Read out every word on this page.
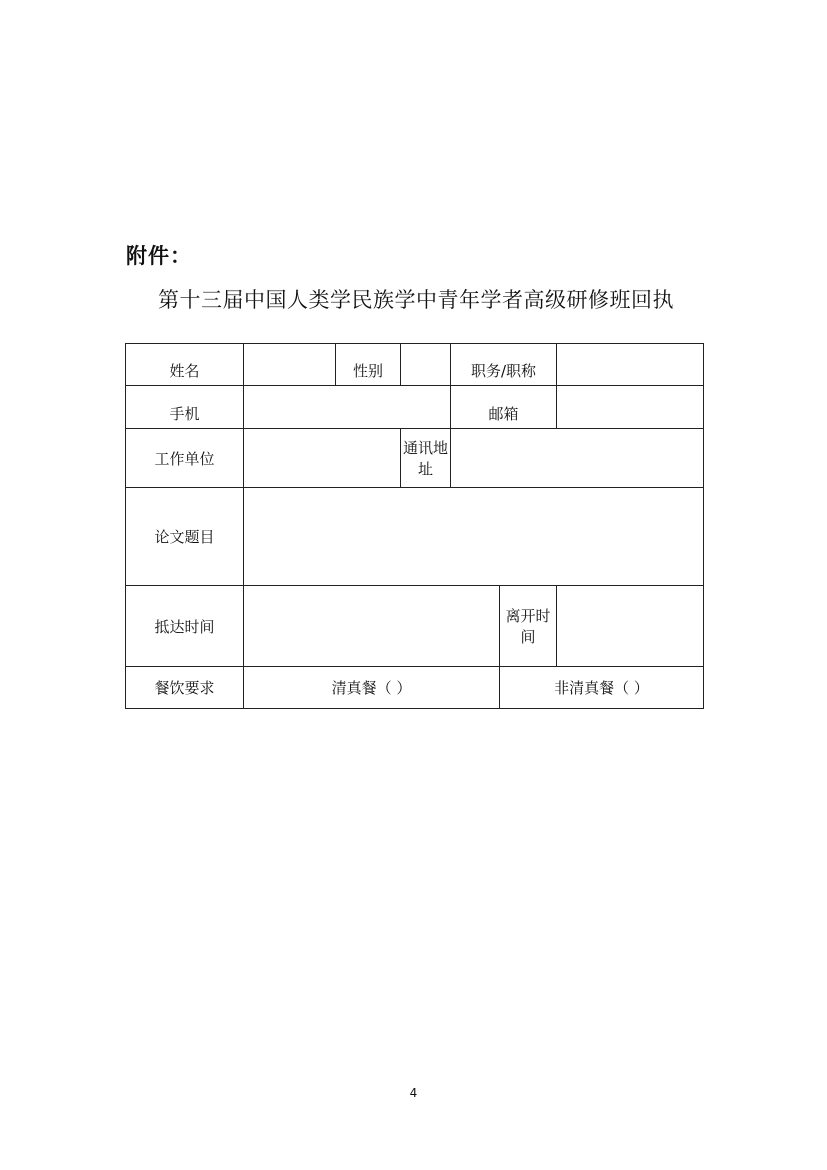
附件：
第十三届中国人类学民族学中青年学者高级研修班回执
姓名		性别		职务/职称		
手机				邮箱		
工作单位			通讯地址			
论文题目						
抵达时间					离开时间	
餐饮要求	清真餐（ ）				非清真餐（ ）	
4
